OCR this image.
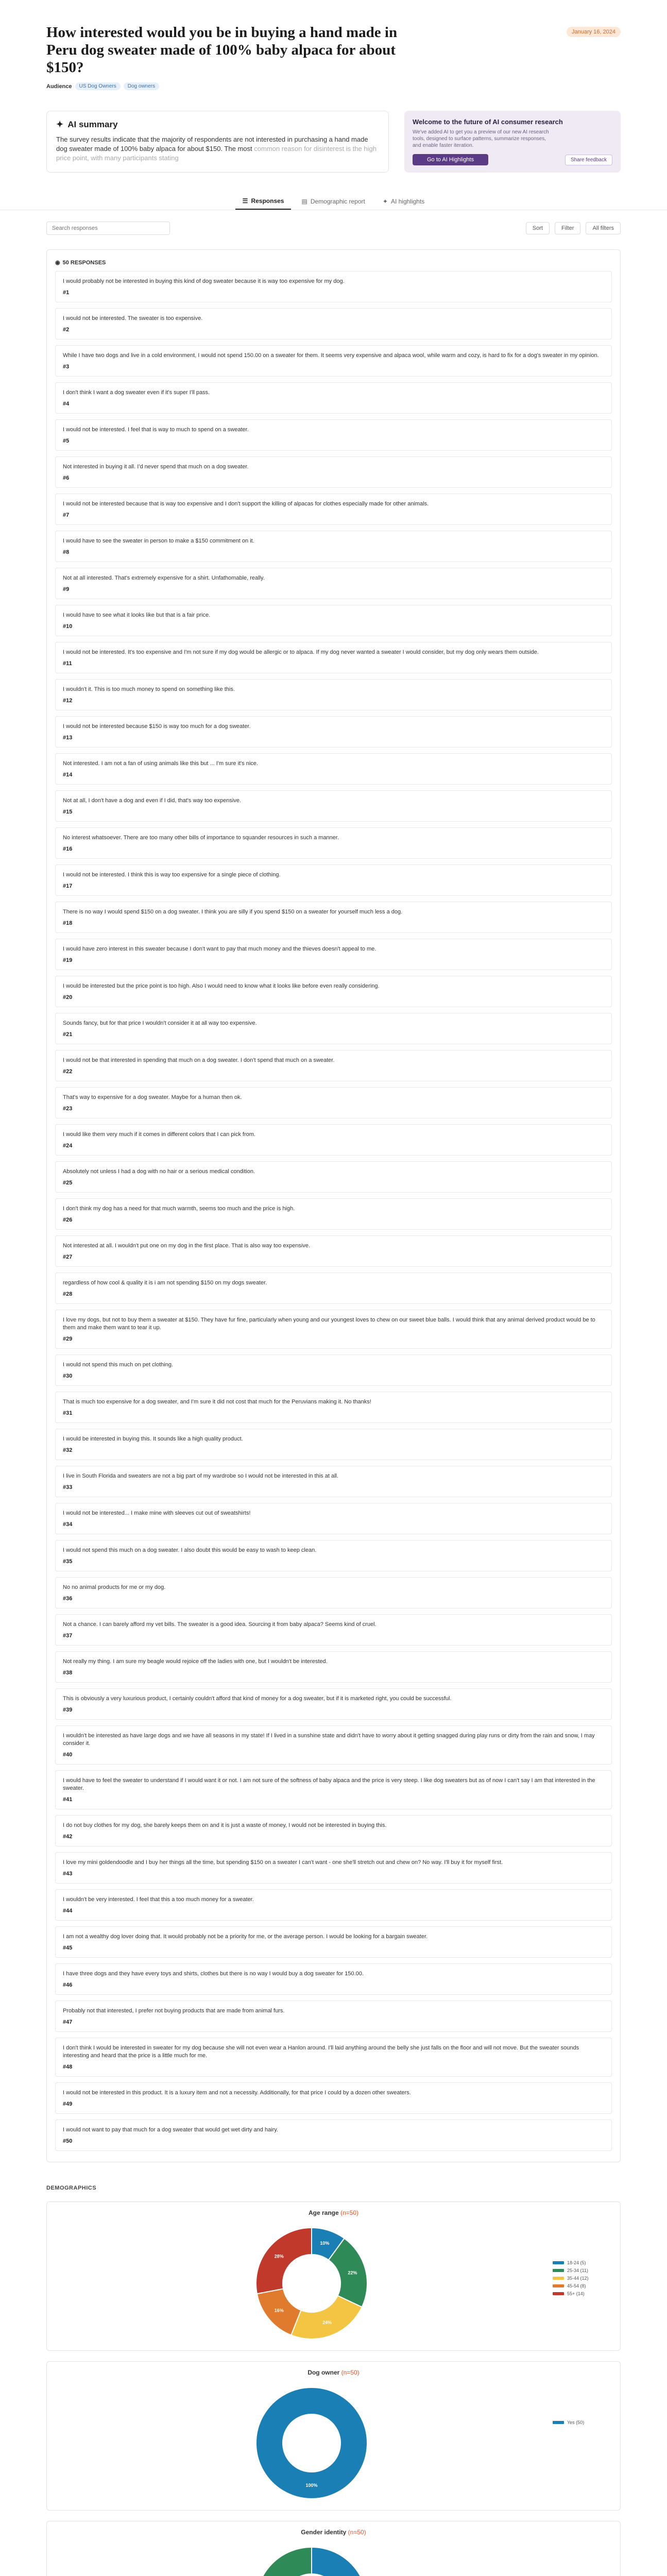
How interested would you be in buying a hand made in Peru dog sweater made of 100% baby alpaca for about $150?
January 16, 2024
Audience	US Dog Owners	Dog owners
✦ AI summary
The survey results indicate that the majority of respondents are not interested in purchasing a hand made dog sweater made of 100% baby alpaca for about $150. The most common reason for disinterest is the high price point, with many participants stating
Welcome to the future of AI consumer research

We've added AI to get you a preview of our new AI research tools, designed to surface patterns, summarize responses, and enable faster iteration.

Go to AI Highlights	Share feedback
☰ Responses	▤ Demographic report	✦ AI highlights
Search responses
Sort	Filter	All filters
◉ 50 RESPONSES
I would probably not be interested in buying this kind of dog sweater because it is way too expensive for my dog.
#1
I would not be interested. The sweater is too expensive.
#2
While I have two dogs and live in a cold environment, I would not spend 150.00 on a sweater for them. It seems very expensive and alpaca wool, while warm and cozy, is hard to fix for a dog's sweater in my opinion.
#3
I don't think I want a dog sweater even if it's super I'll pass.
#4
I would not be interested. I feel that is way to much to spend on a sweater.
#5
Not interested in buying it all. I'd never spend that much on a dog sweater.
#6
I would not be interested because that is way too expensive and I don't support the killing of alpacas for clothes especially made for other animals.
#7
I would have to see the sweater in person to make a $150 commitment on it.
#8
Not at all interested. That's extremely expensive for a shirt. Unfathomable, really.
#9
I would have to see what it looks like but that is a fair price.
#10
I would not be interested. It's too expensive and I'm not sure if my dog would be allergic or to alpaca. If my dog never wanted a sweater I would consider, but my dog only wears them outside.
#11
I wouldn't it. This is too much money to spend on something like this.
#12
I would not be interested because $150 is way too much for a dog sweater.
#13
Not interested. I am not a fan of using animals like this but ... I'm sure it's nice.
#14
Not at all, I don't have a dog and even if I did, that's way too expensive.
#15
No interest whatsoever. There are too many other bills of importance to squander resources in such a manner.
#16
I would not be interested. I think this is way too expensive for a single piece of clothing.
#17
There is no way I would spend $150 on a dog sweater. I think you are silly if you spend $150 on a sweater for yourself much less a dog.
#18
I would have zero interest in this sweater because I don't want to pay that much money and the thieves doesn't appeal to me.
#19
I would be interested but the price point is too high. Also I would need to know what it looks like before even really considering.
#20
Sounds fancy, but for that price I wouldn't consider it at all way too expensive.
#21
I would not be that interested in spending that much on a dog sweater. I don't spend that much on a sweater.
#22
That's way to expensive for a dog sweater. Maybe for a human then ok.
#23
I would like them very much if it comes in different colors that I can pick from.
#24
Absolutely not unless I had a dog with no hair or a serious medical condition.
#25
I don't think my dog has a need for that much warmth, seems too much and the price is high.
#26
Not interested at all. I wouldn't put one on my dog in the first place. That is also way too expensive.
#27
regardless of how cool & quality it is i am not spending $150 on my dogs sweater.
#28
I love my dogs, but not to buy them a sweater at $150. They have fur fine, particularly when young and our youngest loves to chew on our sweet blue balls. I would think that any animal derived product would be to them and make them want to tear it up.
#29
I would not spend this much on pet clothing.
#30
That is much too expensive for a dog sweater, and I'm sure it did not cost that much for the Peruvians making it. No thanks!
#31
I would be interested in buying this. It sounds like a high quality product.
#32
I live in South Florida and sweaters are not a big part of my wardrobe so I would not be interested in this at all.
#33
I would not be interested... I make mine with sleeves cut out of sweatshirts!
#34
I would not spend this much on a dog sweater. I also doubt this would be easy to wash to keep clean.
#35
No no animal products for me or my dog.
#36
Not a chance. I can barely afford my vet bills. The sweater is a good idea. Sourcing it from baby alpaca? Seems kind of cruel.
#37
Not really my thing. I am sure my beagle would rejoice off the ladies with one, but I wouldn't be interested.
#38
This is obviously a very luxurious product, I certainly couldn't afford that kind of money for a dog sweater, but if it is marketed right, you could be successful.
#39
I wouldn't be interested as have large dogs and we have all seasons in my state! If I lived in a sunshine state and didn't have to worry about it getting snagged during play runs or dirty from the rain and snow, I may consider it.
#40
I would have to feel the sweater to understand if I would want it or not. I am not sure of the softness of baby alpaca and the price is very steep. I like dog sweaters but as of now I can't say I am that interested in the sweater.
#41
I do not buy clothes for my dog, she barely keeps them on and it is just a waste of money, I would not be interested in buying this.
#42
I love my mini goldendoodle and I buy her things all the time, but spending $150 on a sweater I can't want - one she'll stretch out and chew on? No way. I'll buy it for myself first.
#43
I wouldn't be very interested. I feel that this a too much money for a sweater.
#44
I am not a wealthy dog lover doing that. It would probably not be a priority for me, or the average person. I would be looking for a bargain sweater.
#45
I have three dogs and they have every toys and shirts, clothes but there is no way I would buy a dog sweater for 150.00.
#46
Probably not that interested, I prefer not buying products that are made from animal furs.
#47
I don't think I would be interested in sweater for my dog because she will not even wear a Hanlon around. I'll laid anything around the belly she just falls on the floor and will not move. But the sweater sounds interesting and heard that the price is a little much for me.
#48
I would not be interested in this product. It is a luxury item and not a necessity. Additionally, for that price I could by a dozen other sweaters.
#49
I would not want to pay that much for a dog sweater that would get wet dirty and hairy.
#50
DEMOGRAPHICS
Age range (n=50)
10%
22%
24%
16%
28%
18-24 (5)
25-34 (11)
35-44 (12)
45-54 (8)
55+ (14)
Dog owner (n=50)
100%
Yes (50)
Gender identity (n=50)
